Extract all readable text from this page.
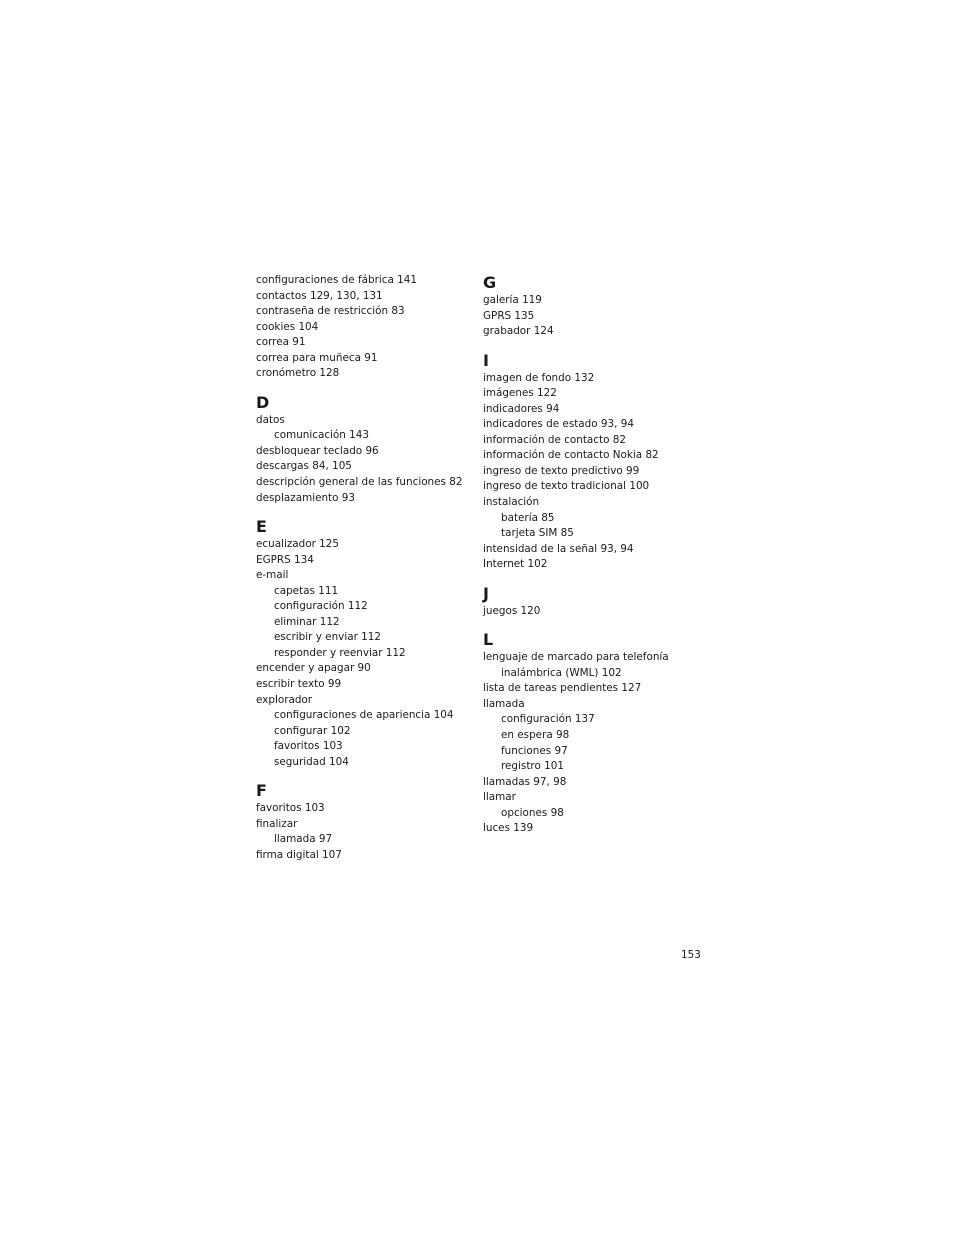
configuraciones de fábrica 141
contactos 129, 130, 131
contraseña de restricción 83
cookies 104
correa 91
correa para muñeca 91
cronómetro 128
D
datos
comunicación 143
desbloquear teclado 96
descargas 84, 105
descripción general de las funciones 82
desplazamiento 93
E
ecualizador 125
EGPRS 134
e-mail
capetas 111
configuración 112
eliminar 112
escribir y enviar 112
responder y reenviar 112
encender y apagar 90
escribir texto 99
explorador
configuraciones de apariencia 104
configurar 102
favoritos 103
seguridad 104
F
favoritos 103
finalizar
llamada 97
firma digital 107
G
galería 119
GPRS 135
grabador 124
I
imagen de fondo 132
imágenes 122
indicadores 94
indicadores de estado 93, 94
información de contacto 82
información de contacto Nokia 82
ingreso de texto predictivo 99
ingreso de texto tradicional 100
instalación
batería 85
tarjeta SIM 85
intensidad de la señal 93, 94
Internet 102
J
juegos 120
L
lenguaje de marcado para telefonía
inalámbrica (WML) 102
lista de tareas pendientes 127
llamada
configuración 137
en espera 98
funciones 97
registro 101
llamadas 97, 98
llamar
opciones 98
luces 139
153
